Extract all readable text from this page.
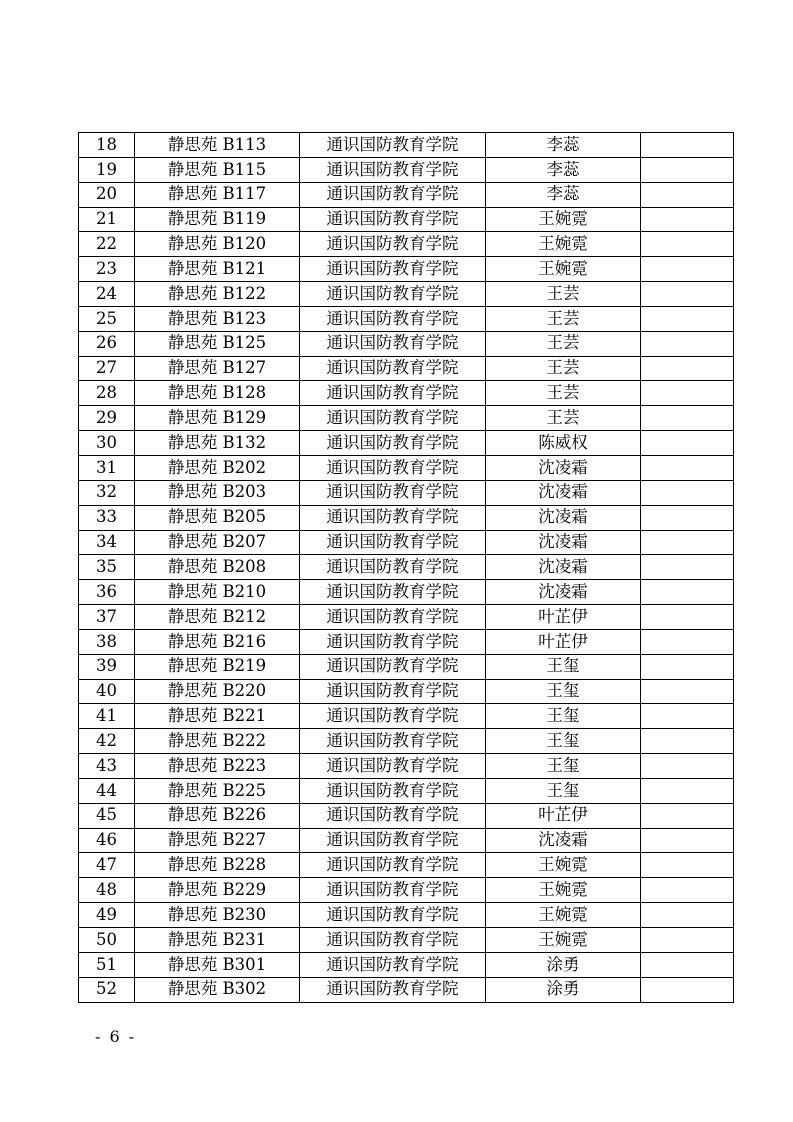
18	静思苑 B113	通识国防教育学院	李蕊	
19	静思苑 B115	通识国防教育学院	李蕊	
20	静思苑 B117	通识国防教育学院	李蕊	
21	静思苑 B119	通识国防教育学院	王婉霓	
22	静思苑 B120	通识国防教育学院	王婉霓	
23	静思苑 B121	通识国防教育学院	王婉霓	
24	静思苑 B122	通识国防教育学院	王芸	
25	静思苑 B123	通识国防教育学院	王芸	
26	静思苑 B125	通识国防教育学院	王芸	
27	静思苑 B127	通识国防教育学院	王芸	
28	静思苑 B128	通识国防教育学院	王芸	
29	静思苑 B129	通识国防教育学院	王芸	
30	静思苑 B132	通识国防教育学院	陈威权	
31	静思苑 B202	通识国防教育学院	沈凌霜	
32	静思苑 B203	通识国防教育学院	沈凌霜	
33	静思苑 B205	通识国防教育学院	沈凌霜	
34	静思苑 B207	通识国防教育学院	沈凌霜	
35	静思苑 B208	通识国防教育学院	沈凌霜	
36	静思苑 B210	通识国防教育学院	沈凌霜	
37	静思苑 B212	通识国防教育学院	叶芷伊	
38	静思苑 B216	通识国防教育学院	叶芷伊	
39	静思苑 B219	通识国防教育学院	王玺	
40	静思苑 B220	通识国防教育学院	王玺	
41	静思苑 B221	通识国防教育学院	王玺	
42	静思苑 B222	通识国防教育学院	王玺	
43	静思苑 B223	通识国防教育学院	王玺	
44	静思苑 B225	通识国防教育学院	王玺	
45	静思苑 B226	通识国防教育学院	叶芷伊	
46	静思苑 B227	通识国防教育学院	沈凌霜	
47	静思苑 B228	通识国防教育学院	王婉霓	
48	静思苑 B229	通识国防教育学院	王婉霓	
49	静思苑 B230	通识国防教育学院	王婉霓	
50	静思苑 B231	通识国防教育学院	王婉霓	
51	静思苑 B301	通识国防教育学院	涂勇	
52	静思苑 B302	通识国防教育学院	涂勇	
- 6 -
